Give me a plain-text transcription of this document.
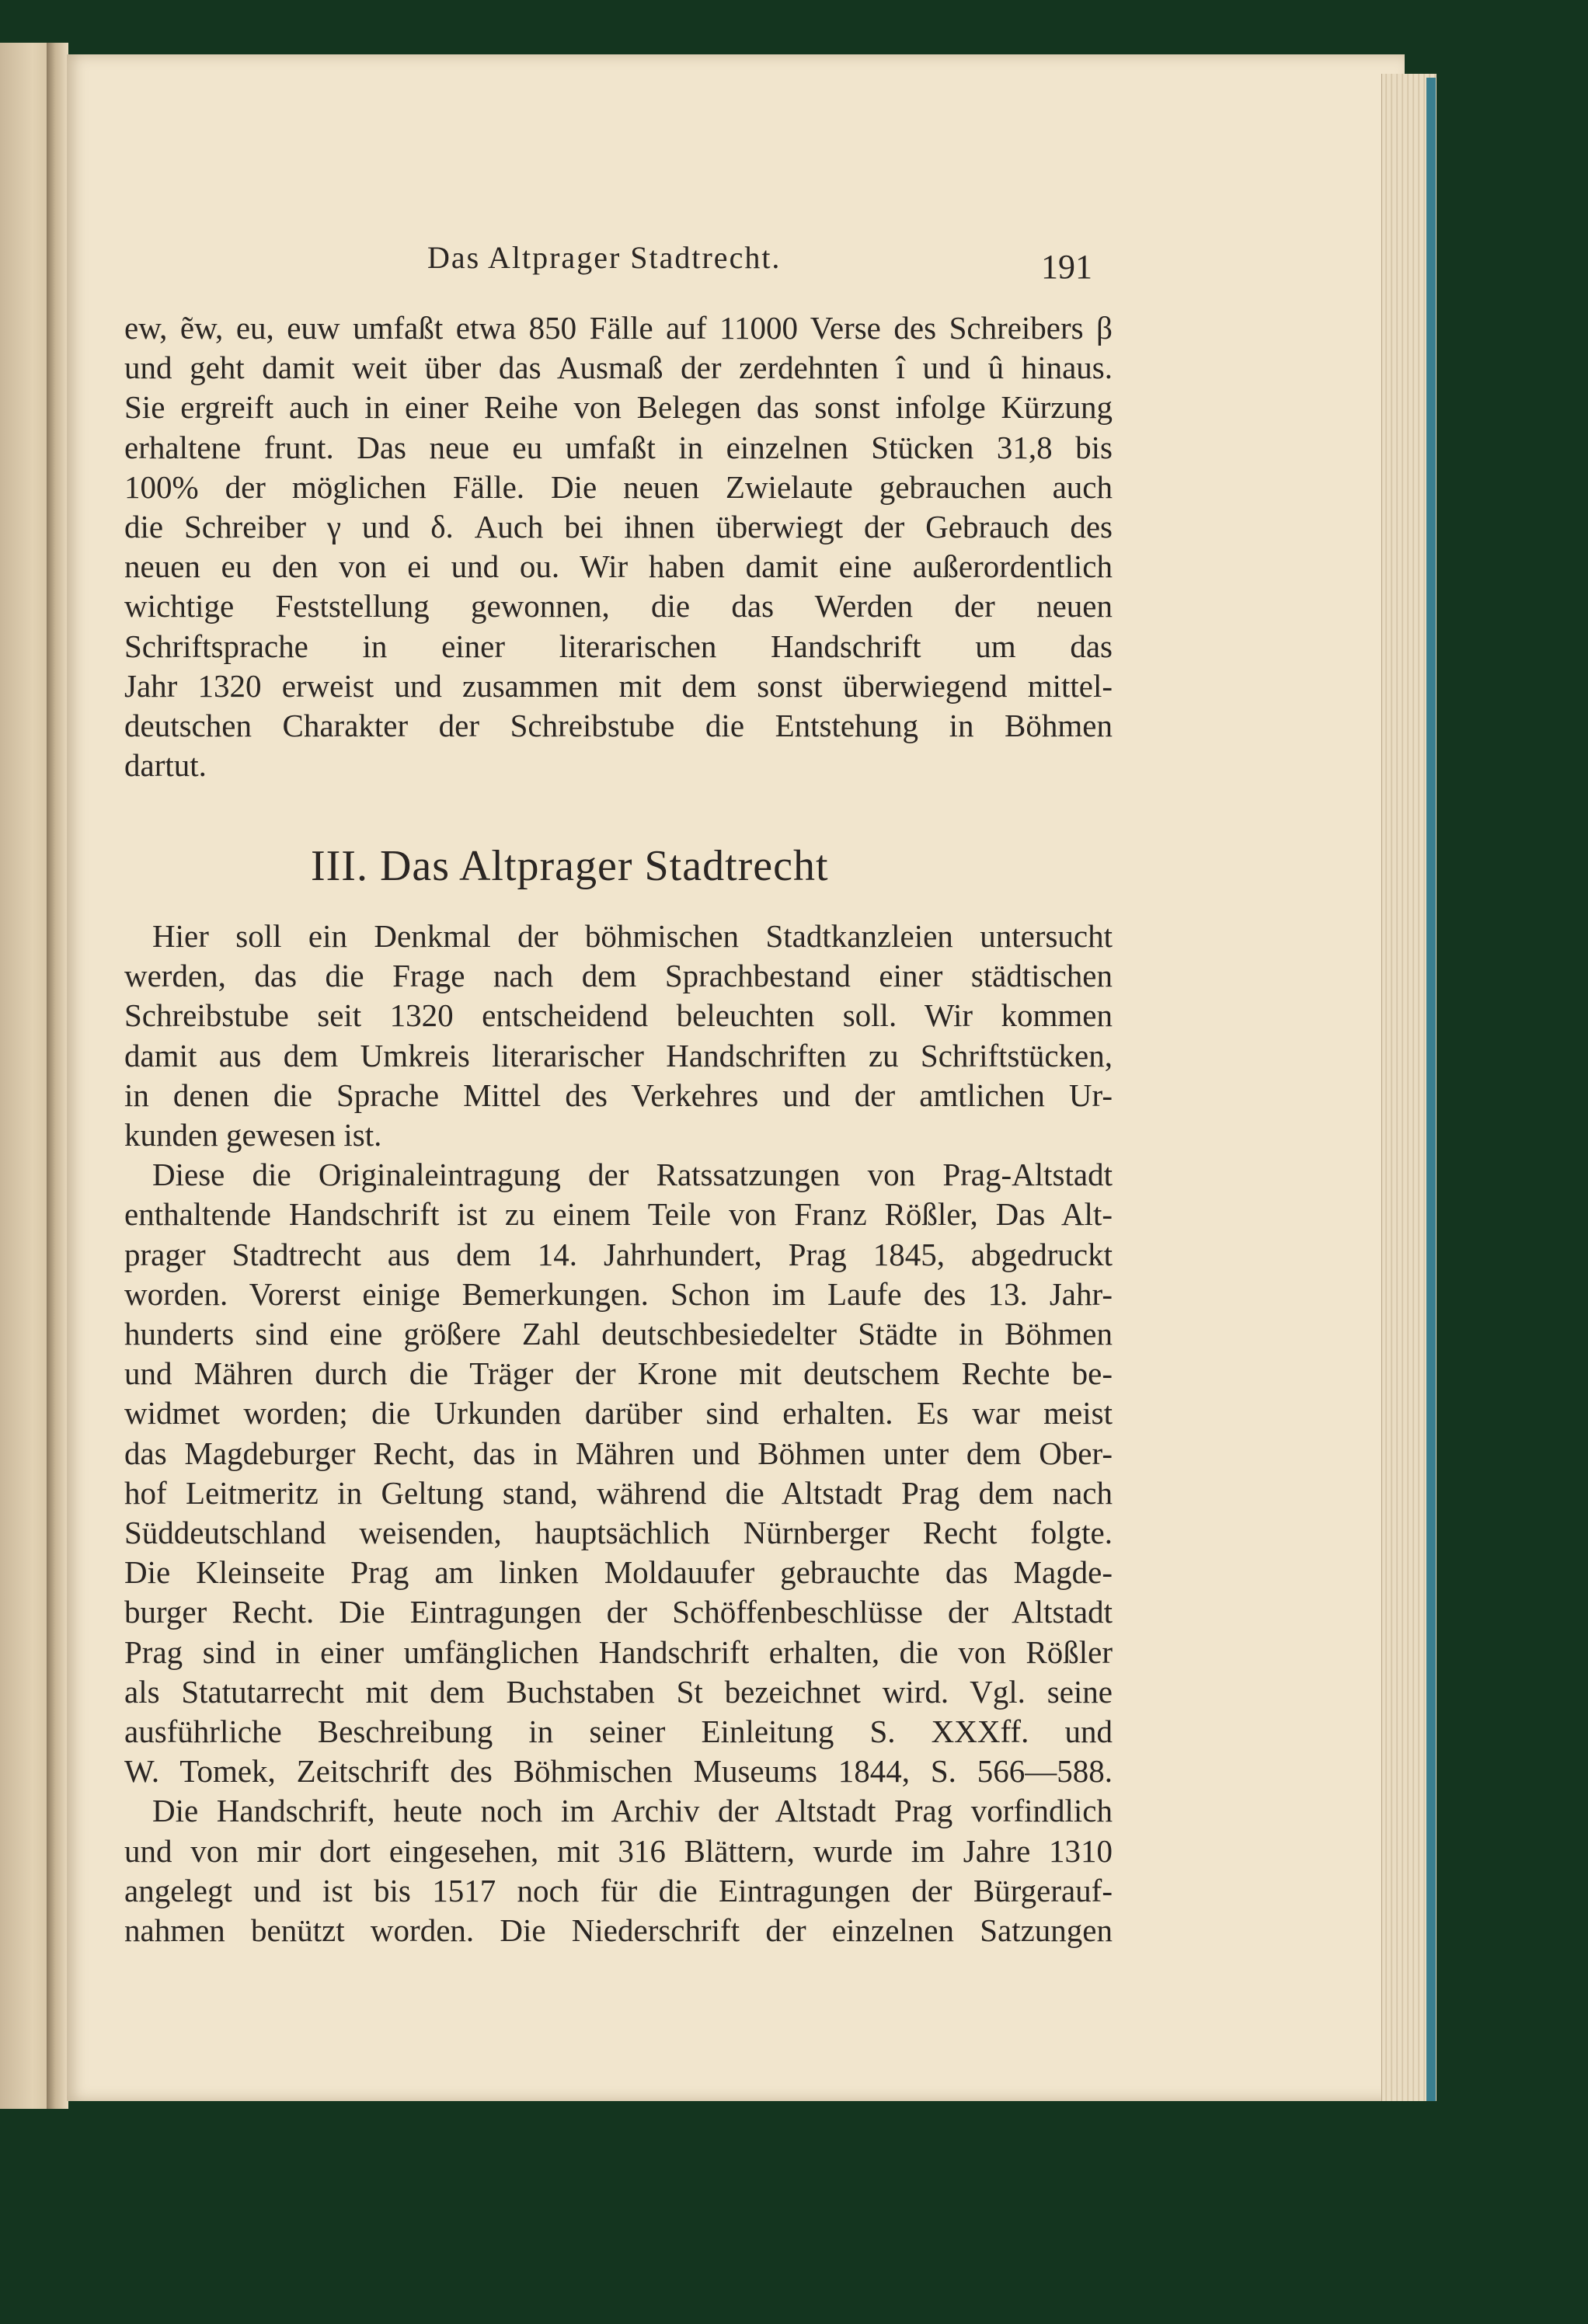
Das Altprager Stadtrecht.	191
ew, ẽw, eu, euw umfaßt etwa 850 Fälle auf 11000 Verse des Schreibers β
und geht damit weit über das Ausmaß der zerdehnten î und û hinaus.
Sie ergreift auch in einer Reihe von Belegen das sonst infolge Kürzung
erhaltene frunt. Das neue eu umfaßt in einzelnen Stücken 31,8 bis
100% der möglichen Fälle. Die neuen Zwielaute gebrauchen auch
die Schreiber γ und δ. Auch bei ihnen überwiegt der Gebrauch des
neuen eu den von ei und ou. Wir haben damit eine außerordentlich
wichtige Feststellung gewonnen, die das Werden der neuen
Schriftsprache in einer literarischen Handschrift um das
Jahr 1320 erweist und zusammen mit dem sonst überwiegend mittel-
deutschen Charakter der Schreibstube die Entstehung in Böhmen
dartut.
III. Das Altprager Stadtrecht
Hier soll ein Denkmal der böhmischen Stadtkanzleien untersucht
werden, das die Frage nach dem Sprachbestand einer städtischen
Schreibstube seit 1320 entscheidend beleuchten soll. Wir kommen
damit aus dem Umkreis literarischer Handschriften zu Schriftstücken,
in denen die Sprache Mittel des Verkehres und der amtlichen Ur-
kunden gewesen ist.
Diese die Originaleintragung der Ratssatzungen von Prag-Altstadt
enthaltende Handschrift ist zu einem Teile von Franz Rößler, Das Alt-
prager Stadtrecht aus dem 14. Jahrhundert, Prag 1845, abgedruckt
worden. Vorerst einige Bemerkungen. Schon im Laufe des 13. Jahr-
hunderts sind eine größere Zahl deutschbesiedelter Städte in Böhmen
und Mähren durch die Träger der Krone mit deutschem Rechte be-
widmet worden; die Urkunden darüber sind erhalten. Es war meist
das Magdeburger Recht, das in Mähren und Böhmen unter dem Ober-
hof Leitmeritz in Geltung stand, während die Altstadt Prag dem nach
Süddeutschland weisenden, hauptsächlich Nürnberger Recht folgte.
Die Kleinseite Prag am linken Moldauufer gebrauchte das Magde-
burger Recht. Die Eintragungen der Schöffenbeschlüsse der Altstadt
Prag sind in einer umfänglichen Handschrift erhalten, die von Rößler
als Statutarrecht mit dem Buchstaben St bezeichnet wird. Vgl. seine
ausführliche Beschreibung in seiner Einleitung S. XXXff. und
W. Tomek, Zeitschrift des Böhmischen Museums 1844, S. 566—588.
Die Handschrift, heute noch im Archiv der Altstadt Prag vorfindlich
und von mir dort eingesehen, mit 316 Blättern, wurde im Jahre 1310
angelegt und ist bis 1517 noch für die Eintragungen der Bürgerauf-
nahmen benützt worden. Die Niederschrift der einzelnen Satzungen
